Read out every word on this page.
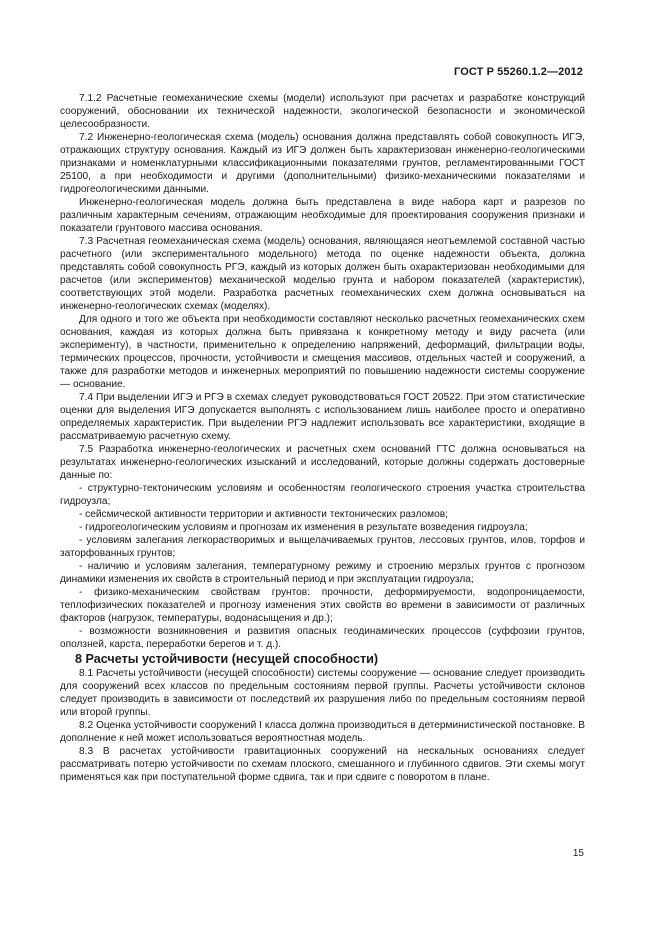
ГОСТ Р 55260.1.2—2012

7.1.2 Расчетные геомеханические схемы (модели) используют при расчетах и разработке конструкций сооружений, обосновании их технической надежности, экологической безопасности и экономической целесообразности.

7.2 Инженерно-геологическая схема (модель) основания должна представлять собой совокупность ИГЭ, отражающих структуру основания. Каждый из ИГЭ должен быть характеризован инженерно-геологическими признаками и номенклатурными классификационными показателями грунтов, регламентированными ГОСТ 25100, а при необходимости и другими (дополнительными) физико-механическими показателями и гидрогеологическими данными.

Инженерно-геологическая модель должна быть представлена в виде набора карт и разрезов по различным характерным сечениям, отражающим необходимые для проектирования сооружения признаки и показатели грунтового массива основания.

7.3 Расчетная геомеханическая схема (модель) основания, являющаяся неотъемлемой составной частью расчетного (или экспериментального модельного) метода по оценке надежности объекта, должна представлять собой совокупность РГЭ, каждый из которых должен быть охарактеризован необходимыми для расчетов (или экспериментов) механической моделью грунта и набором показателей (характеристик), соответствующих этой модели. Разработка расчетных геомеханических схем должна основываться на инженерно-геологических схемах (моделях).

Для одного и того же объекта при необходимости составляют несколько расчетных геомеханических схем основания, каждая из которых должна быть привязана к конкретному методу и виду расчета (или эксперименту), в частности, применительно к определению напряжений, деформаций, фильтрации воды, термических процессов, прочности, устойчивости и смещения массивов, отдельных частей и сооружений, а также для разработки методов и инженерных мероприятий по повышению надежности системы сооружение — основание.

7.4 При выделении ИГЭ и РГЭ в схемах следует руководствоваться ГОСТ 20522. При этом статистические оценки для выделения ИГЭ допускается выполнять с использованием лишь наиболее просто и оперативно определяемых характеристик. При выделении РГЭ надлежит использовать все характеристики, входящие в рассматриваемую расчетную схему.

7.5 Разработка инженерно-геологических и расчетных схем оснований ГТС должна основываться на результатах инженерно-геологических изысканий и исследований, которые должны содержать достоверные данные по:

- структурно-тектоническим условиям и особенностям геологического строения участка строительства гидроузла;

- сейсмической активности территории и активности тектонических разломов;

- гидрогеологическим условиям и прогнозам их изменения в результате возведения гидроузла;

- условиям залегания легкорастворимых и выщелачиваемых грунтов, лессовых грунтов, илов, торфов и заторфованных грунтов;

- наличию и условиям залегания, температурному режиму и строению мерзлых грунтов с прогнозом динамики изменения их свойств в строительный период и при эксплуатации гидроузла;

- физико-механическим свойствам грунтов: прочности, деформируемости, водопроницаемости, теплофизических показателей и прогнозу изменения этих свойств во времени в зависимости от различных факторов (нагрузок, температуры, водонасыщения и др.);

- возможности возникновения и развития опасных геодинамических процессов (суффозии грунтов, оползней, карста, переработки берегов и т. д.).

8 Расчеты устойчивости (несущей способности)

8.1 Расчеты устойчивости (несущей способности) системы сооружение — основание следует производить для сооружений всех классов по предельным состояниям первой группы. Расчеты устойчивости склонов следует производить в зависимости от последствий их разрушения либо по предельным состояниям первой или второй группы.

8.2 Оценка устойчивости сооружений I класса должна производиться в детерминистической постановке. В дополнение к ней может использоваться вероятностная модель.

8.3 В расчетах устойчивости гравитационных сооружений на нескальных основаниях следует рассматривать потерю устойчивости по схемам плоского, смешанного и глубинного сдвигов. Эти схемы могут применяться как при поступательной форме сдвига, так и при сдвиге с поворотом в плане.

15
